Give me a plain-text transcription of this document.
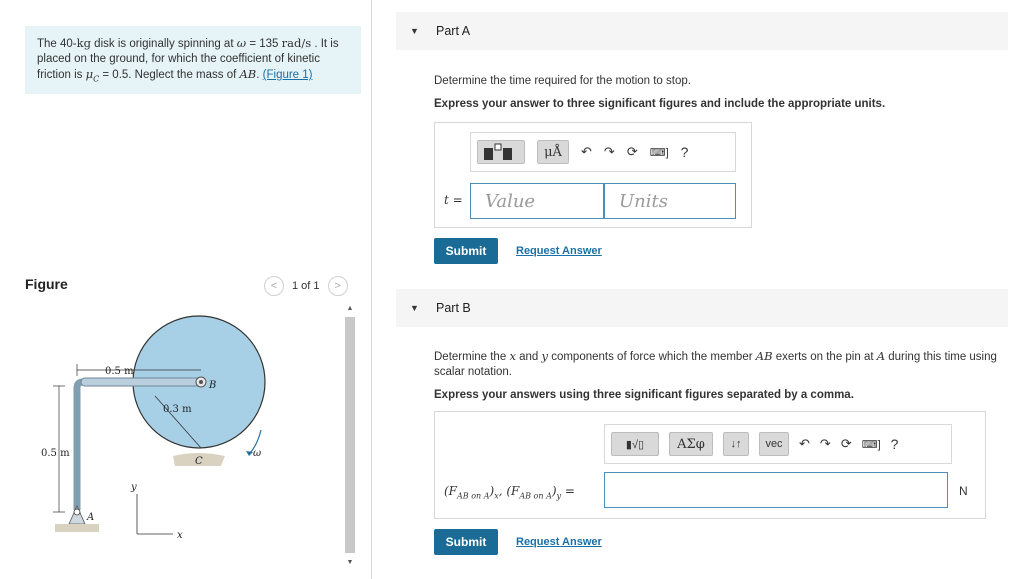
The 40-kg disk is originally spinning at ω = 135 rad/s . It is placed on the ground, for which the coefficient of kinetic friction is $\mu_C = 0.5$. Neglect the mass of AB. (Figure 1)
Figure	<	1 of 1	>
0.5 m
0.5 m
0.3 m
B
C
A
ω
y
x
▲
▼
▼ Part A
Determine the time required for the motion to stop.
Express your answer to three significant figures and include the appropriate units.
μÅ	↶ ↷ ⟳ ⌨] ?
t =	Value	Units
Submit	Request Answer
▼ Part B
Determine the x and y components of force which the member AB exerts on the pin at A during this time using scalar notation.
Express your answers using three significant figures separated by a comma.
▮√▯	ΑΣφ	↓↑	vec	↶ ↷ ⟳ ⌨] ?
$(F_{AB on A})_x$, $(F_{AB on A})_y$ =	N
Submit	Request Answer
